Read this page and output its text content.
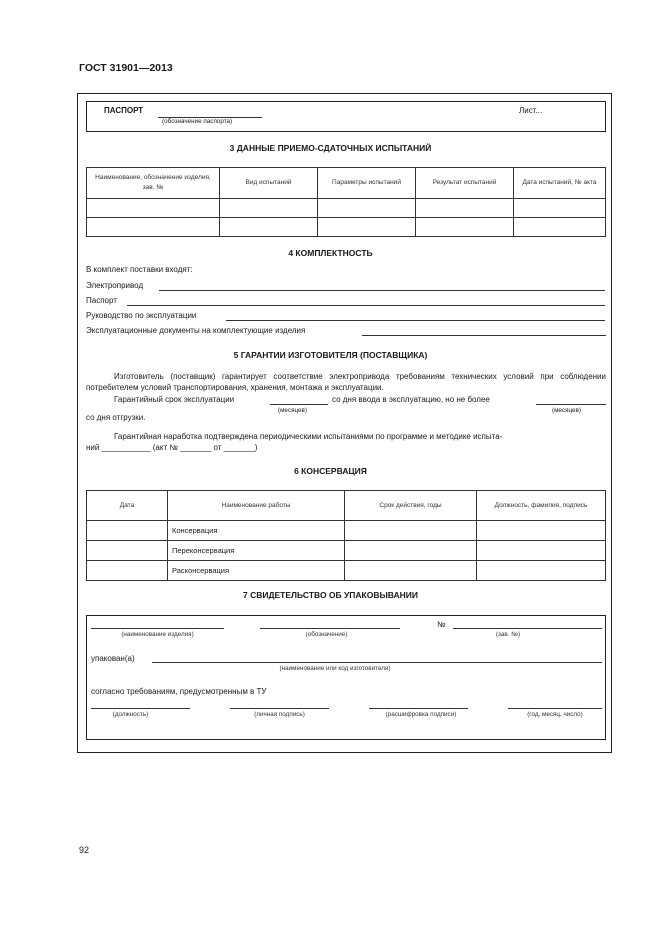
ГОСТ 31901—2013
ПАСПОРТ
(обозначение паспорта)
Лист...
3 ДАННЫЕ ПРИЕМО-СДАТОЧНЫХ ИСПЫТАНИЙ
Наименование, обозначение изделия, зав. №	Вид испытаний	Параметры испытаний	Результат испытаний	Дата испытаний, № акта

4 КОМПЛЕКТНОСТЬ
В комплект поставки входят:
Электропривод
Паспорт
Руководство по эксплуатации
Эксплуатационные документы на комплектующие изделия
5 ГАРАНТИИ ИЗГОТОВИТЕЛЯ (ПОСТАВЩИКА)
Изготовитель (поставщик) гарантирует соответствие электропривода требованиям технических условий при соблюдении потребителем условий транспортирования, хранения, монтажа и эксплуатации.
Гарантийный срок эксплуатации	со дня ввода в эксплуатацию, но не более
(месяцев)	(месяцев)
со дня отгрузки.
Гарантийная наработка подтверждена периодическими испытаниями по программе и методике испыта-
ний ___________ (акт № _______ от _______)
6 КОНСЕРВАЦИЯ
Дата	Наименование работы	Срок действия, годы	Должность, фамилия, подпись
	Консервация		
	Переконсервация		
	Расконсервация		
7 СВИДЕТЕЛЬСТВО ОБ УПАКОВЫВАНИИ
№
(наименование изделия)	(обозначение)	(зав. №)
упакован(а)
(наименование или код изготовителя)
согласно требованиям, предусмотренным в ТУ
(должность)	(личная подпись)	(расшифровка подписи)	(год, месяц, число)
92
